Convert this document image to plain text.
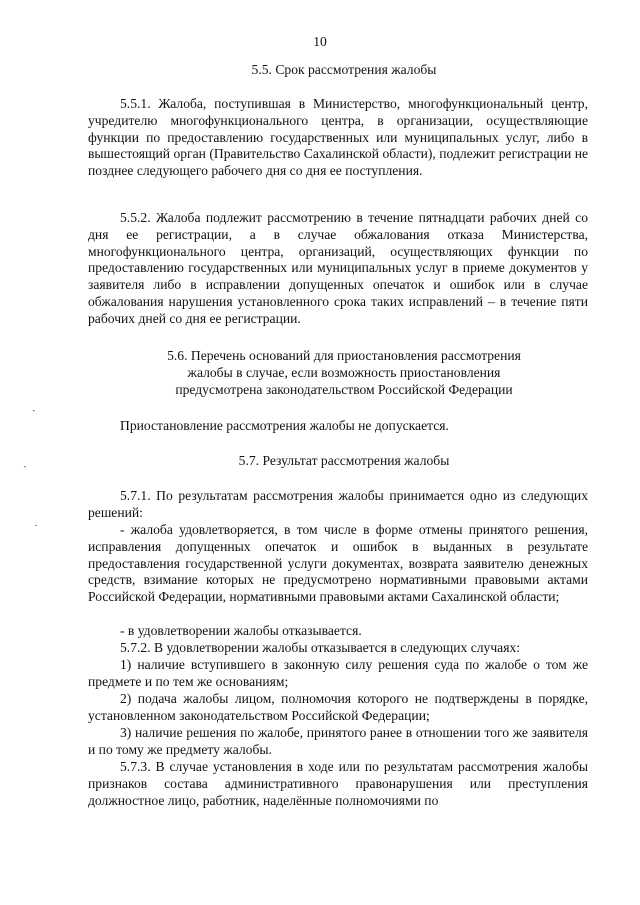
10
5.5. Срок рассмотрения жалобы
5.5.1. Жалоба, поступившая в Министерство, многофункциональный центр, учредителю многофункционального центра, в организации, осуществляющие функции по предоставлению государственных или муниципальных услуг, либо в вышестоящий орган (Правительство Сахалинской области), подлежит регистрации не позднее следующего рабочего дня со дня ее поступления.
5.5.2. Жалоба подлежит рассмотрению в течение пятнадцати рабочих дней со дня ее регистрации, а в случае обжалования отказа Министерства, многофункционального центра, организаций, осуществляющих функции по предоставлению государственных или муниципальных услуг в приеме документов у заявителя либо в исправлении допущенных опечаток и ошибок или в случае обжалования нарушения установленного срока таких исправлений – в течение пяти рабочих дней со дня ее регистрации.
5.6. Перечень оснований для приостановления рассмотрения
жалобы в случае, если возможность приостановления
предусмотрена законодательством Российской Федерации
Приостановление рассмотрения жалобы не допускается.
5.7. Результат рассмотрения жалобы
5.7.1. По результатам рассмотрения жалобы принимается одно из следующих решений:
- жалоба удовлетворяется, в том числе в форме отмены принятого решения, исправления допущенных опечаток и ошибок в выданных в результате предоставления государственной услуги документах, возврата заявителю денежных средств, взимание которых не предусмотрено нормативными правовыми актами Российской Федерации, нормативными правовыми актами Сахалинской области;
- в удовлетворении жалобы отказывается.
5.7.2. В удовлетворении жалобы отказывается в следующих случаях:
1) наличие вступившего в законную силу решения суда по жалобе о том же предмете и по тем же основаниям;
2) подача жалобы лицом, полномочия которого не подтверждены в порядке, установленном законодательством Российской Федерации;
3) наличие решения по жалобе, принятого ранее в отношении того же заявителя и по тому же предмету жалобы.
5.7.3. В случае установления в ходе или по результатам рассмотрения жалобы признаков состава административного правонарушения или преступления должностное лицо, работник, наделённые полномочиями по
ˎ
ˎ
·
